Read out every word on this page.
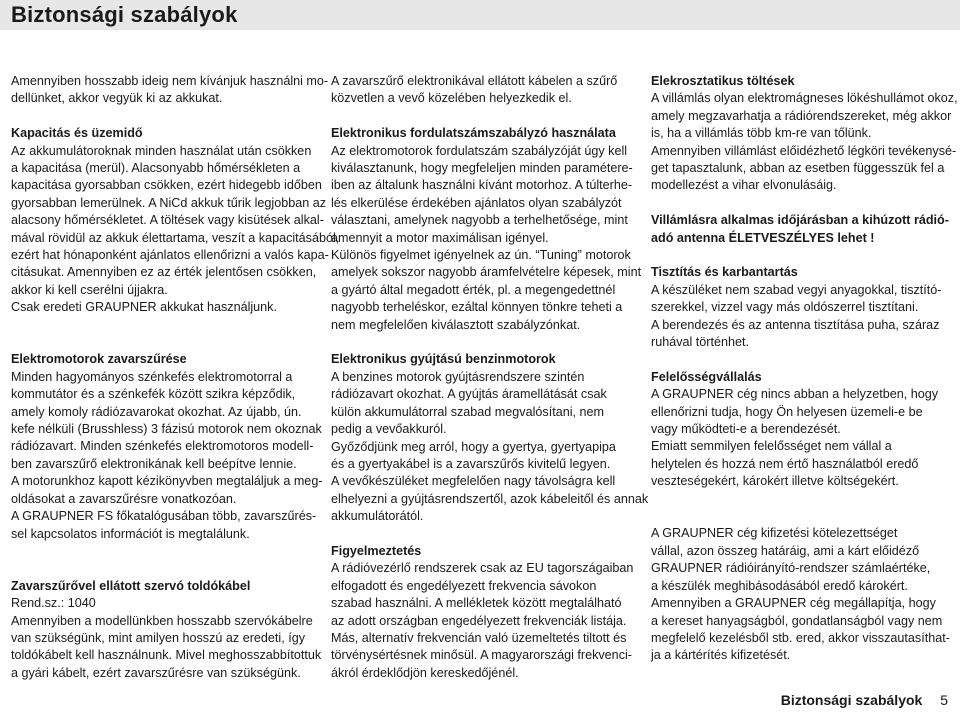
Biztonsági szabályok

Amennyiben hosszabb ideig nem kívánjuk használni mo-

dellünket, akkor vegyük ki az akkukat.

Kapacitás és üzemidő

Az akkumulátoroknak minden használat után csökken

a kapacitása (merül). Alacsonyabb hőmérsékleten a

kapacitása gyorsabban csökken, ezért hidegebb időben

gyorsabban lemerülnek. A NiCd akkuk tűrik legjobban az

alacsony hőmérsékletet. A töltések vagy kisütések alkal-

mával rövidül az akkuk élettartama, veszít a kapacitásából,

ezért hat hónaponként ajánlatos ellenőrizni a valós kapa-

citásukat. Amennyiben ez az érték jelentősen csökken,

akkor ki kell cserélni újjakra.

Csak eredeti GRAUPNER akkukat használjunk.

Elektromotorok zavarszűrése

Minden hagyományos szénkefés elektromotorral a

kommutátor és a szénkefék között szikra képződik,

amely komoly rádiózavarokat okozhat. Az újabb, ún.

kefe nélküli (Brusshless) 3 fázisú motorok nem okoznak

rádiózavart. Minden szénkefés elektromotoros modell-

ben zavarszűrő elektronikának kell beépítve lennie.

A motorunkhoz kapott kézikönyvben megtaláljuk a meg-

oldásokat a zavarszűrésre vonatkozóan.

A GRAUPNER FS főkatalógusában több, zavarszűrés-

sel kapcsolatos információt is megtalálunk.

Zavarszűrővel ellátott szervó toldókábel

Rend.sz.: 1040

Amennyiben a modellünkben hosszabb szervókábelre

van szükségünk, mint amilyen hosszú az eredeti, így

toldókábelt kell használnunk. Mivel meghosszabbítottuk

a gyári kábelt, ezért zavarszűrésre van szükségünk.

A zavarszűrő elektronikával ellátott kábelen a szűrő

közvetlen a vevő közelében helyezkedik el.

Elektronikus fordulatszámszabályzó használata

Az elektromotorok fordulatszám szabályzóját úgy kell

kiválasztanunk, hogy megfeleljen minden paramétere-

iben az általunk használni kívánt motorhoz. A túlterhe-

lés elkerülése érdekében ajánlatos olyan szabályzót

választani, amelynek nagyobb a terhelhetősége, mint

amennyit a motor maximálisan igényel.

Különös figyelmet igényelnek az ún. “Tuning” motorok

amelyek sokszor nagyobb áramfelvételre képesek, mint

a gyártó által megadott érték, pl. a megengedettnél

nagyobb terheléskor, ezáltal könnyen tönkre teheti a

nem megfelelően kiválasztott szabályzónkat.

Elektronikus gyújtású benzinmotorok

A benzines motorok gyújtásrendszere szintén

rádiózavart okozhat. A gyújtás áramellátását csak

külön akkumulátorral szabad megvalósítani, nem

pedig a vevőakkuról.

Győződjünk meg arról, hogy a gyertya, gyertyapipa

és a gyertyakábel is a zavarszűrős kivitelű legyen.

A vevőkészüléket megfelelően nagy távolságra kell

elhelyezni a gyújtásrendszertől, azok kábeleitől és annak

akkumulátorától.

Figyelmeztetés

A rádióvezérlő rendszerek csak az EU tagországaiban

elfogadott és engedélyezett frekvencia sávokon

szabad használni. A mellékletek között megtalálható

az adott országban engedélyezett frekvenciák listája.

Más, alternatív frekvencián való üzemeltetés tiltott és

törvénysértésnek minősül. A magyarországi frekvenci-

ákról érdeklődjön kereskedőjénél.

Elekrosztatikus töltések

A villámlás olyan elektromágneses lökéshullámot okoz,

amely megzavarhatja a rádiórendszereket, még akkor

is, ha a villámlás több km-re van tőlünk.

Amennyiben villámlást előidézhető légköri tevékenysé-

get tapasztalunk, abban az esetben függesszük fel a

modellezést a vihar elvonulásáig.

Villámlásra alkalmas időjárásban a kihúzott rádió-

adó antenna ÉLETVESZÉLYES lehet !

Tisztítás és karbantartás

A készüléket nem szabad vegyi anyagokkal, tisztító-

szerekkel, vizzel vagy más oldószerrel tisztítani.

A berendezés és az antenna tisztítása puha, száraz

ruhával történhet.

Felelősségvállalás

A GRAUPNER cég nincs abban a helyzetben, hogy

ellenőrizni tudja, hogy Ön helyesen üzemeli-e be

vagy működteti-e a berendezését.

Emiatt semmilyen felelősséget nem vállal a

helytelen és hozzá nem értő használatból eredő

veszteségekért, károkért illetve költségekért.

A GRAUPNER cég kifizetési kötelezettséget

vállal, azon összeg határáig, ami a kárt előidéző

GRAUPNER rádióirányító-rendszer számlaértéke,

a készülék meghibásodásából eredő károkért.

Amennyiben a GRAUPNER cég megállapítja, hogy

a kereset hanyagságból, gondatlanságból vagy nem

megfelelő kezelésből stb. ered, akkor visszautasíthat-

ja a kártérítés kifizetését.

Biztonsági szabályok 5
